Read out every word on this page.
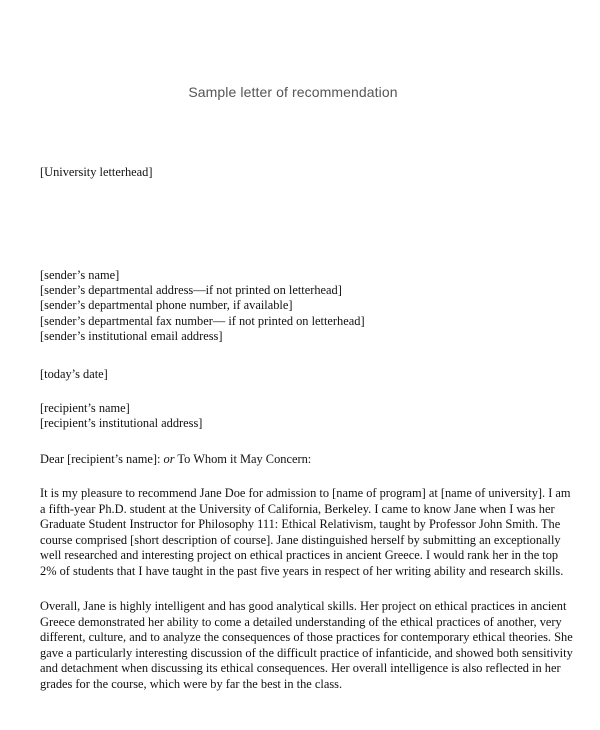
Sample letter of recommendation
[University letterhead]
[sender’s name]
[sender’s departmental address—if not printed on letterhead]
[sender’s departmental phone number, if available]
[sender’s departmental fax number— if not printed on letterhead]
[sender’s institutional email address]
[today’s date]
[recipient’s name]
[recipient’s institutional address]
Dear [recipient’s name]: or To Whom it May Concern:
It is my pleasure to recommend Jane Doe for admission to [name of program] at [name of university]. I am
a fifth-year Ph.D. student at the University of California, Berkeley. I came to know Jane when I was her
Graduate Student Instructor for Philosophy 111: Ethical Relativism, taught by Professor John Smith. The
course comprised [short description of course]. Jane distinguished herself by submitting an exceptionally
well researched and interesting project on ethical practices in ancient Greece. I would rank her in the top
2% of students that I have taught in the past five years in respect of her writing ability and research skills.
Overall, Jane is highly intelligent and has good analytical skills. Her project on ethical practices in ancient
Greece demonstrated her ability to come a detailed understanding of the ethical practices of another, very
different, culture, and to analyze the consequences of those practices for contemporary ethical theories. She
gave a particularly interesting discussion of the difficult practice of infanticide, and showed both sensitivity
and detachment when discussing its ethical consequences. Her overall intelligence is also reflected in her
grades for the course, which were by far the best in the class.
